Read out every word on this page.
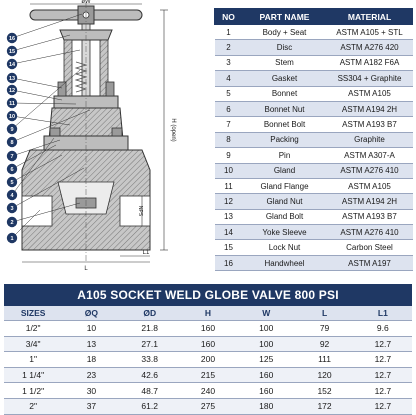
øW
H (open)
NPS
L
L1
16
15
14
13
12
11
10
9
8
7
6
5
4
3
2
1
NO	PART NAME	MATERIAL
1	Body + Seat	ASTM A105 + STL
2	Disc	ASTM A276 420
3	Stem	ASTM A182 F6A
4	Gasket	SS304 + Graphite
5	Bonnet	ASTM A105
6	Bonnet Nut	ASTM A194 2H
7	Bonnet Bolt	ASTM A193 B7
8	Packing	Graphite
9	Pin	ASTM A307-A
10	Gland	ASTM A276 410
11	Gland Flange	ASTM A105
12	Gland Nut	ASTM A194 2H
13	Gland Bolt	ASTM A193 B7
14	Yoke Sleeve	ASTM A276 410
15	Lock Nut	Carbon Steel
16	Handwheel	ASTM A197
A105 SOCKET WELD GLOBE VALVE 800 PSI
SIZES	ØQ	ØD	H	W	L	L1
1/2"	10	21.8	160	100	79	9.6
3/4"	13	27.1	160	100	92	12.7
1"	18	33.8	200	125	111	12.7
1 1/4"	23	42.6	215	160	120	12.7
1 1/2"	30	48.7	240	160	152	12.7
2"	37	61.2	275	180	172	12.7
